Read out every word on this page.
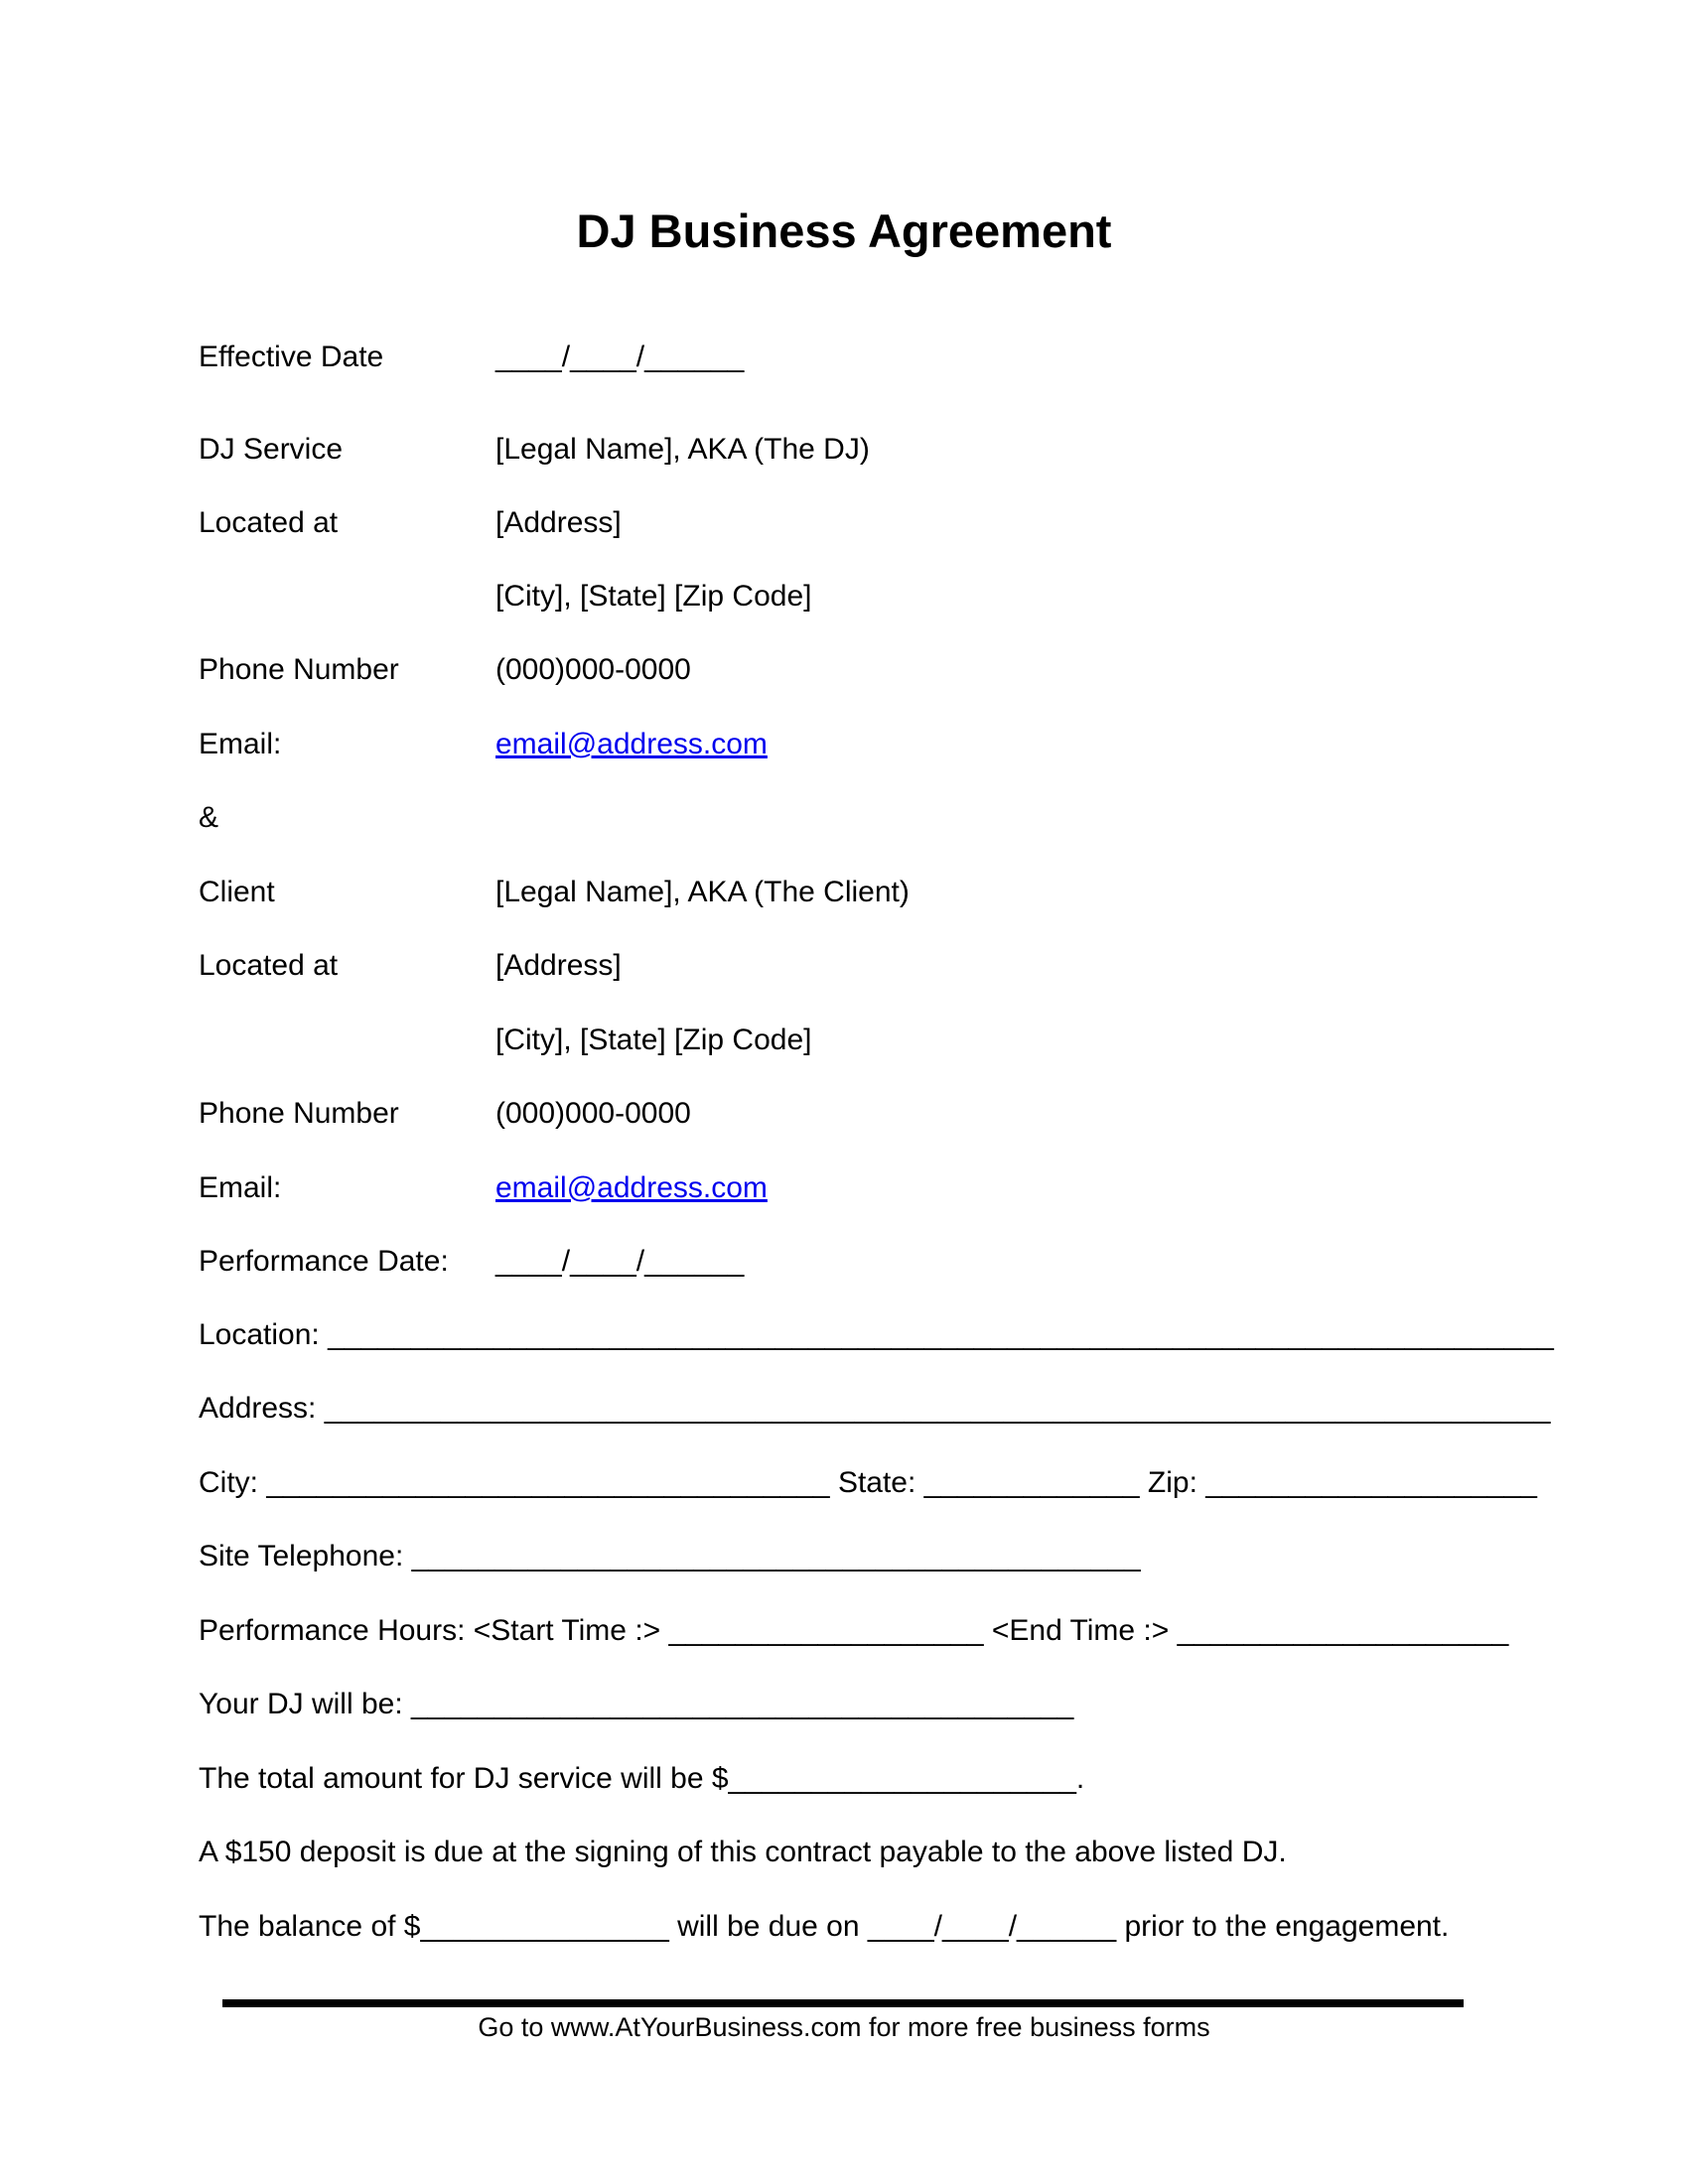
DJ Business Agreement
Effective Date	____/____/______
DJ Service	[Legal Name], AKA (The DJ)
Located at	[Address]
[City], [State] [Zip Code]
Phone Number	(000)000-0000
Email:	email@address.com
&
Client	[Legal Name], AKA (The Client)
Located at	[Address]
[City], [State] [Zip Code]
Phone Number	(000)000-0000
Email:	email@address.com
Performance Date: ____/____/______
Location: __________________________________________________________________________
Address: __________________________________________________________________________
City: __________________________________ State: _____________ Zip: ____________________
Site Telephone: ____________________________________________
Performance Hours: <Start Time :> ___________________ <End Time :> ____________________
Your DJ will be: ________________________________________
The total amount for DJ service will be $_____________________.
A $150 deposit is due at the signing of this contract payable to the above listed DJ.
The balance of $_______________ will be due on ____/____/______ prior to the engagement.
Go to www.AtYourBusiness.com for more free business forms
